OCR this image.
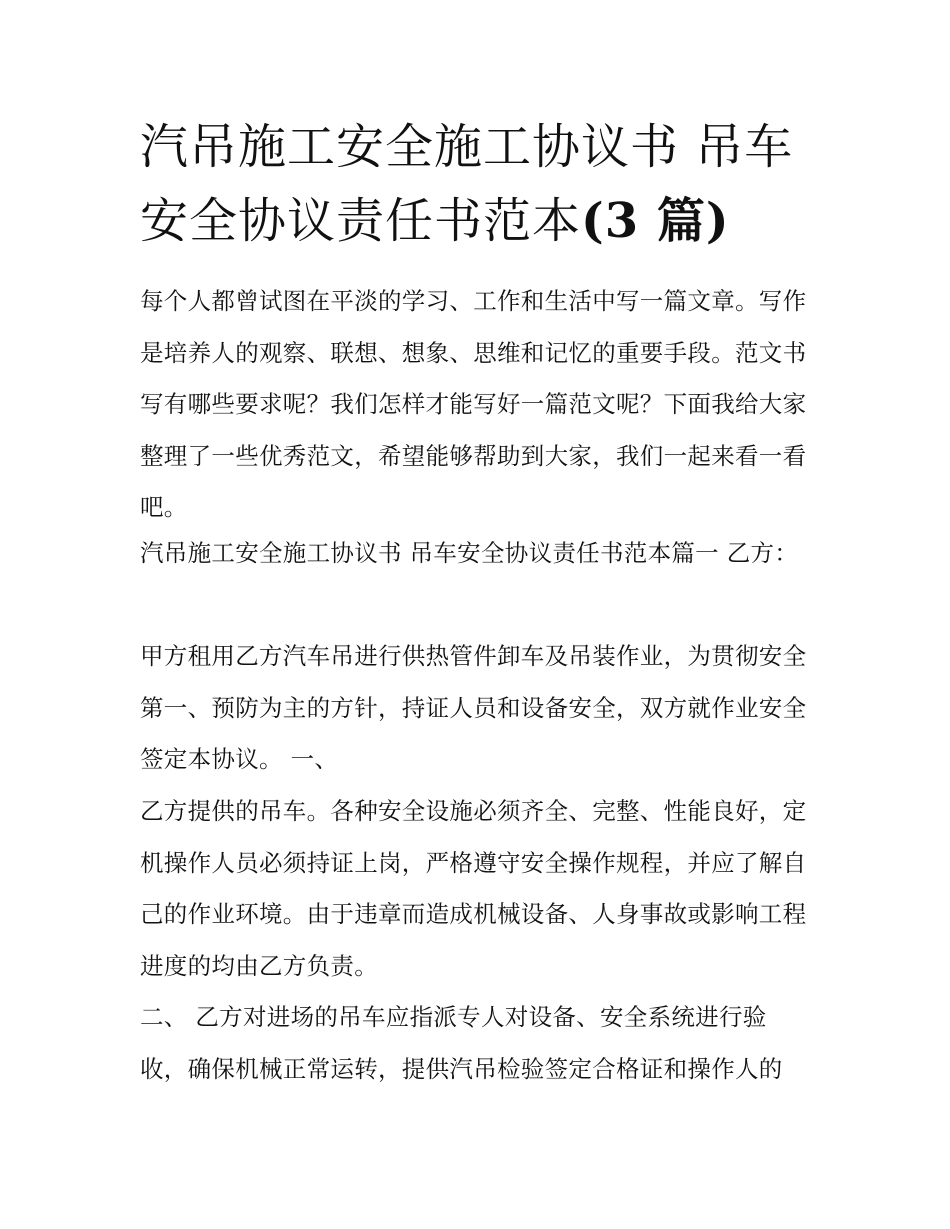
汽吊施工安全施工协议书 吊车
安全协议责任书范本(3 篇)

每个人都曾试图在平淡的学习、工作和生活中写一篇文章。写作是培养人的观察、联想、想象、思维和记忆的重要手段。范文书写有哪些要求呢？我们怎样才能写好一篇范文呢？下面我给大家整理了一些优秀范文，希望能够帮助到大家，我们一起来看一看吧。

汽吊施工安全施工协议书 吊车安全协议责任书范本篇一 乙方：

甲方租用乙方汽车吊进行供热管件卸车及吊装作业，为贯彻安全第一、预防为主的方针，持证人员和设备安全，双方就作业安全签定本协议。 一、

乙方提供的吊车。各种安全设施必须齐全、完整、性能良好，定机操作人员必须持证上岗，严格遵守安全操作规程，并应了解自己的作业环境。由于违章而造成机械设备、人身事故或影响工程进度的均由乙方负责。

二、 乙方对进场的吊车应指派专人对设备、安全系统进行验收，确保机械正常运转，提供汽吊检验签定合格证和操作人的
